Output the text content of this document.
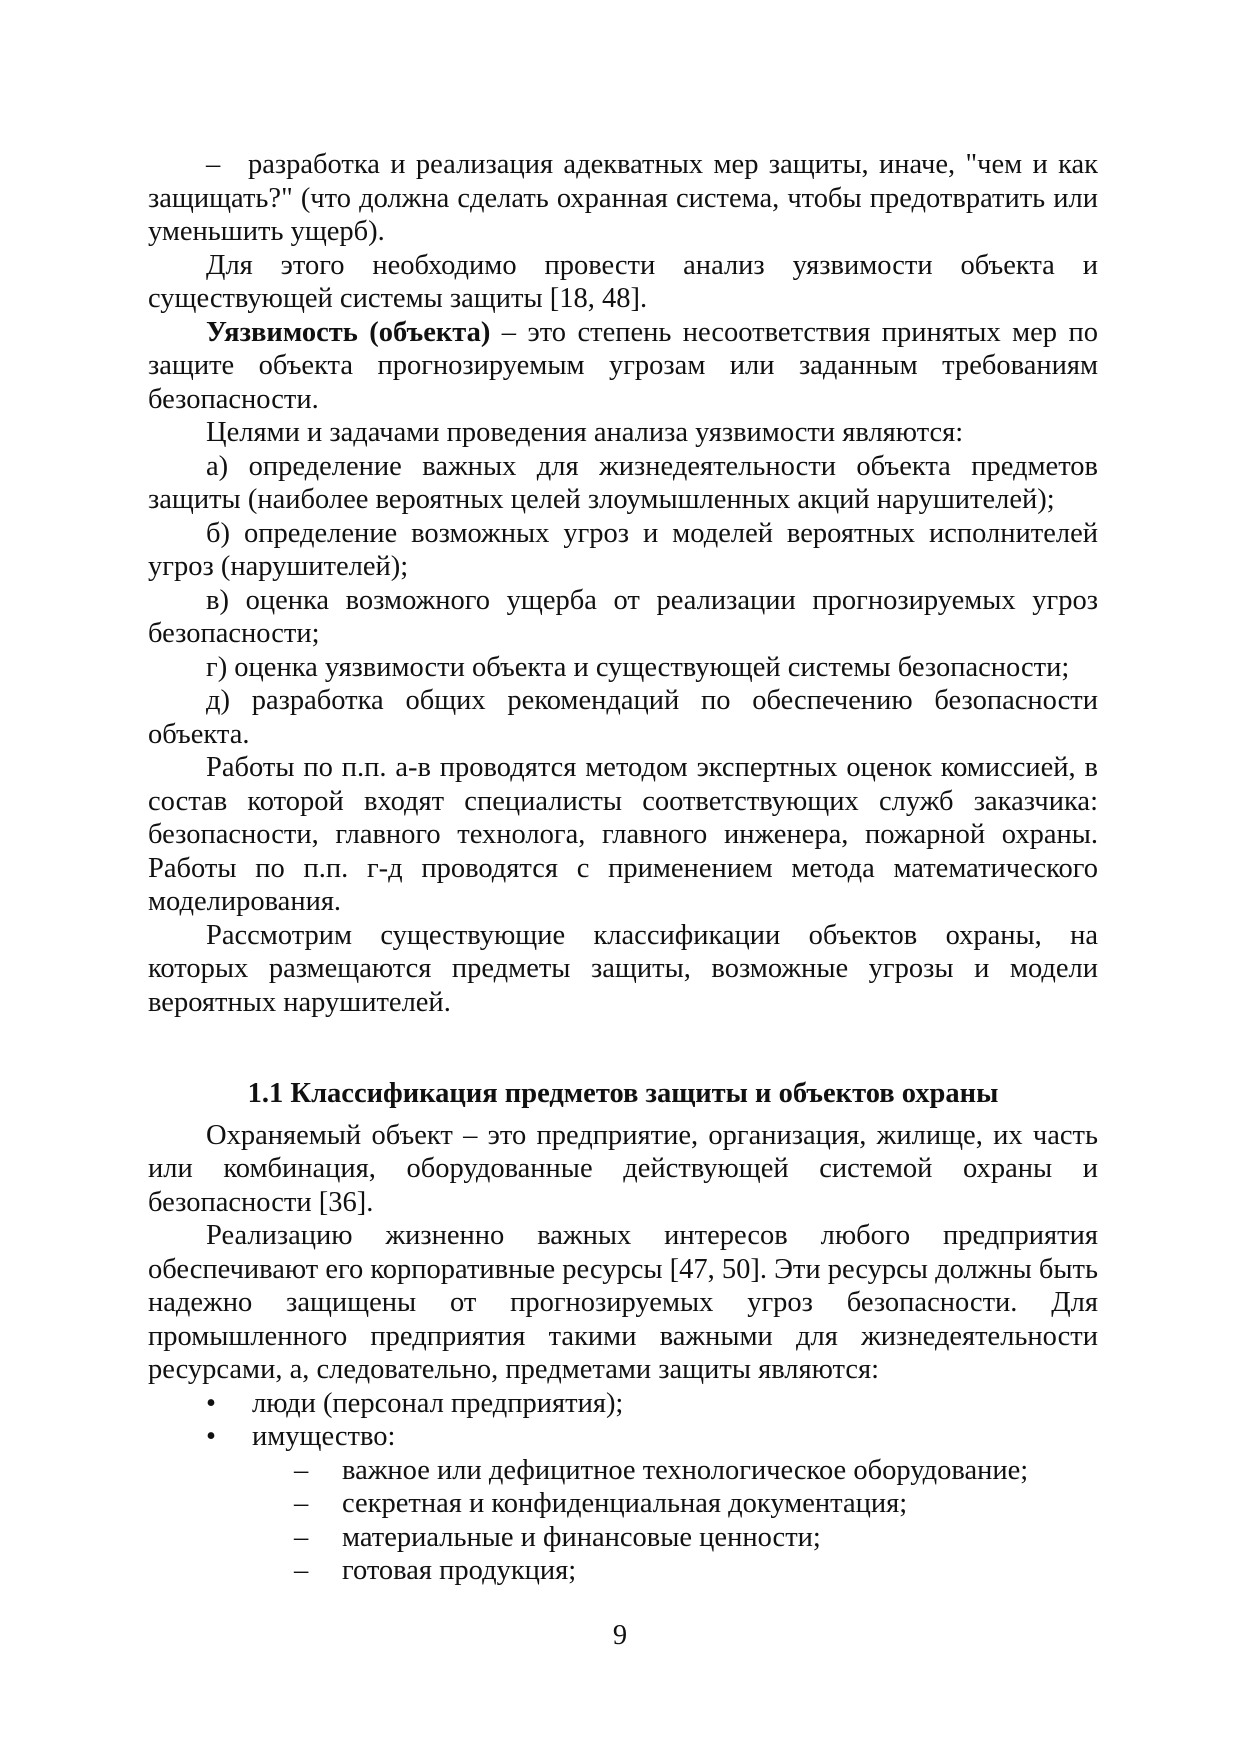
– разработка и реализация адекватных мер защиты, иначе, "чем и как защищать?" (что должна сделать охранная система, чтобы предотвратить или уменьшить ущерб).

Для этого необходимо провести анализ уязвимости объекта и существующей системы защиты [18, 48].

Уязвимость (объекта) – это степень несоответствия принятых мер по защите объекта прогнозируемым угрозам или заданным требованиям безопасности.

Целями и задачами проведения анализа уязвимости являются:

а) определение важных для жизнедеятельности объекта предметов защиты (наиболее вероятных целей злоумышленных акций нарушителей);

б) определение возможных угроз и моделей вероятных исполнителей угроз (нарушителей);

в) оценка возможного ущерба от реализации прогнозируемых угроз безопасности;

г) оценка уязвимости объекта и существующей системы безопасности;

д) разработка общих рекомендаций по обеспечению безопасности объекта.

Работы по п.п. а-в проводятся методом экспертных оценок комиссией, в состав которой входят специалисты соответствующих служб заказчика: безопасности, главного технолога, главного инженера, пожарной охраны. Работы по п.п. г-д проводятся с применением метода математического моделирования.

Рассмотрим существующие классификации объектов охраны, на которых размещаются предметы защиты, возможные угрозы и модели вероятных нарушителей.

1.1 Классификация предметов защиты и объектов охраны

Охраняемый объект – это предприятие, организация, жилище, их часть или комбинация, оборудованные действующей системой охраны и безопасности [36].

Реализацию жизненно важных интересов любого предприятия обеспечивают его корпоративные ресурсы [47, 50]. Эти ресурсы должны быть надежно защищены от прогнозируемых угроз безопасности. Для промышленного предприятия такими важными для жизнедеятельности ресурсами, а, следовательно, предметами защиты являются:

•	люди (персонал предприятия);

•	имущество:

– важное или дефицитное технологическое оборудование;

– секретная и конфиденциальная документация;

– материальные и финансовые ценности;

– готовая продукция;

9
